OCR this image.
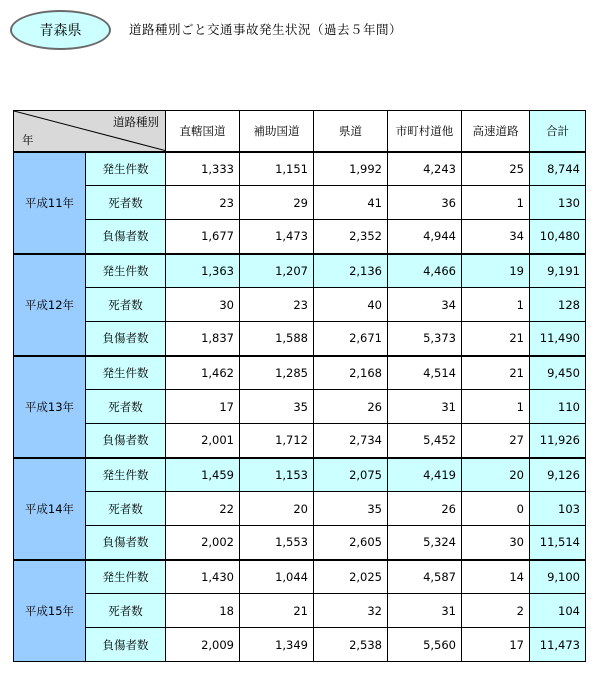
青森県	道路種別ごと交通事故発生状況（過去５年間）
道路種別
年		直轄国道	補助国道	県道	市町村道他	高速道路	合計
平成11年	発生件数	1,333	1,151	1,992	4,243	25	8,744
	死者数	23	29	41	36	1	130
	負傷者数	1,677	1,473	2,352	4,944	34	10,480
平成12年	発生件数	1,363	1,207	2,136	4,466	19	9,191
	死者数	30	23	40	34	1	128
	負傷者数	1,837	1,588	2,671	5,373	21	11,490
平成13年	発生件数	1,462	1,285	2,168	4,514	21	9,450
	死者数	17	35	26	31	1	110
	負傷者数	2,001	1,712	2,734	5,452	27	11,926
平成14年	発生件数	1,459	1,153	2,075	4,419	20	9,126
	死者数	22	20	35	26	0	103
	負傷者数	2,002	1,553	2,605	5,324	30	11,514
平成15年	発生件数	1,430	1,044	2,025	4,587	14	9,100
	死者数	18	21	32	31	2	104
	負傷者数	2,009	1,349	2,538	5,560	17	11,473
